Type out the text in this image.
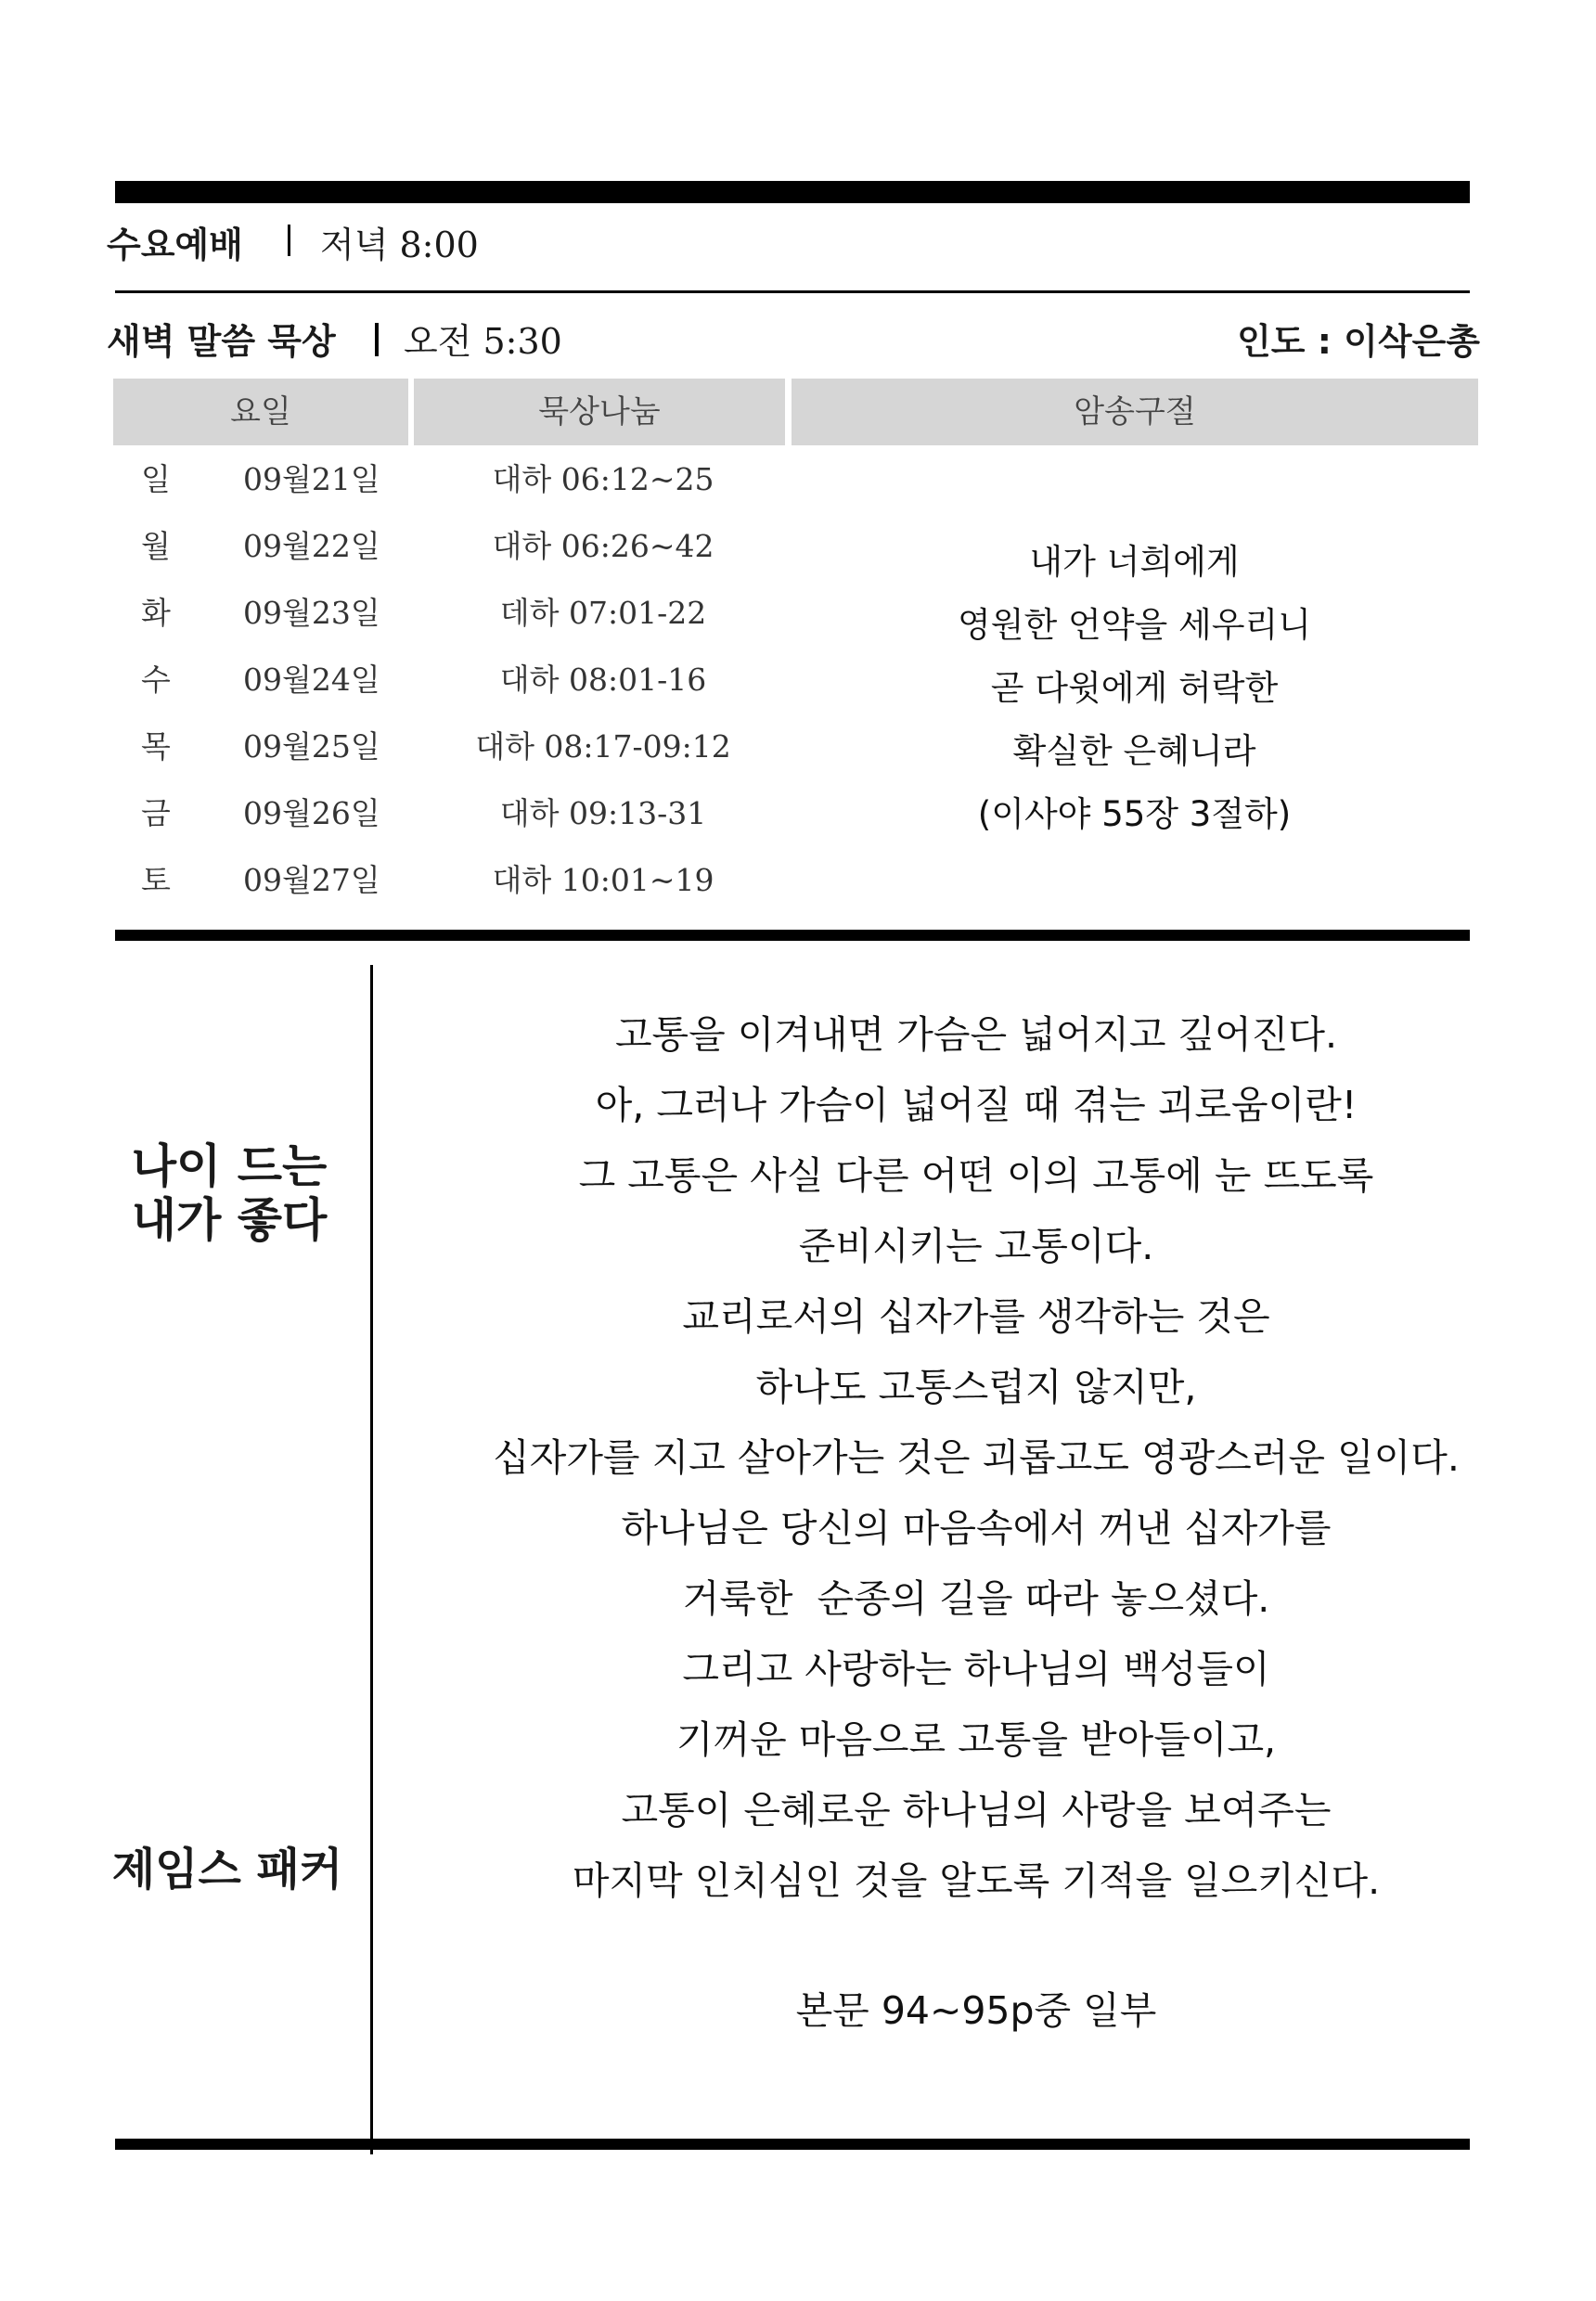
수요예배 저녁 8:00
새벽 말씀 묵상 오전 5:30	인도 : 이삭은총
요일	묵상나눔	암송구절
일	09월21일	대하 06:12~25
월	09월22일	대하 06:26~42
화	09월23일	데하 07:01-22
수	09월24일	대하 08:01-16
목	09월25일	대하 08:17-09:12
금	09월26일	대하 09:13-31
토	09월27일	대하 10:01~19
내가 너희에게
영원한 언약을 세우리니
곧 다윗에게 허락한
확실한 은혜니라
(이사야 55장 3절하)
나이 드는
내가 좋다
제임스 패커
고통을 이겨내면 가슴은 넓어지고 깊어진다.
아, 그러나 가슴이 넓어질 때 겪는 괴로움이란!
그 고통은 사실 다른 어떤 이의 고통에 눈 뜨도록
준비시키는 고통이다.
교리로서의 십자가를 생각하는 것은
하나도 고통스럽지 않지만,
십자가를 지고 살아가는 것은 괴롭고도 영광스러운 일이다.
하나님은 당신의 마음속에서 꺼낸 십자가를
거룩한  순종의 길을 따라 놓으셨다.
그리고 사랑하는 하나님의 백성들이
기꺼운 마음으로 고통을 받아들이고,
고통이 은혜로운 하나님의 사랑을 보여주는
마지막 인치심인 것을 알도록 기적을 일으키신다.
본문 94~95p중 일부
